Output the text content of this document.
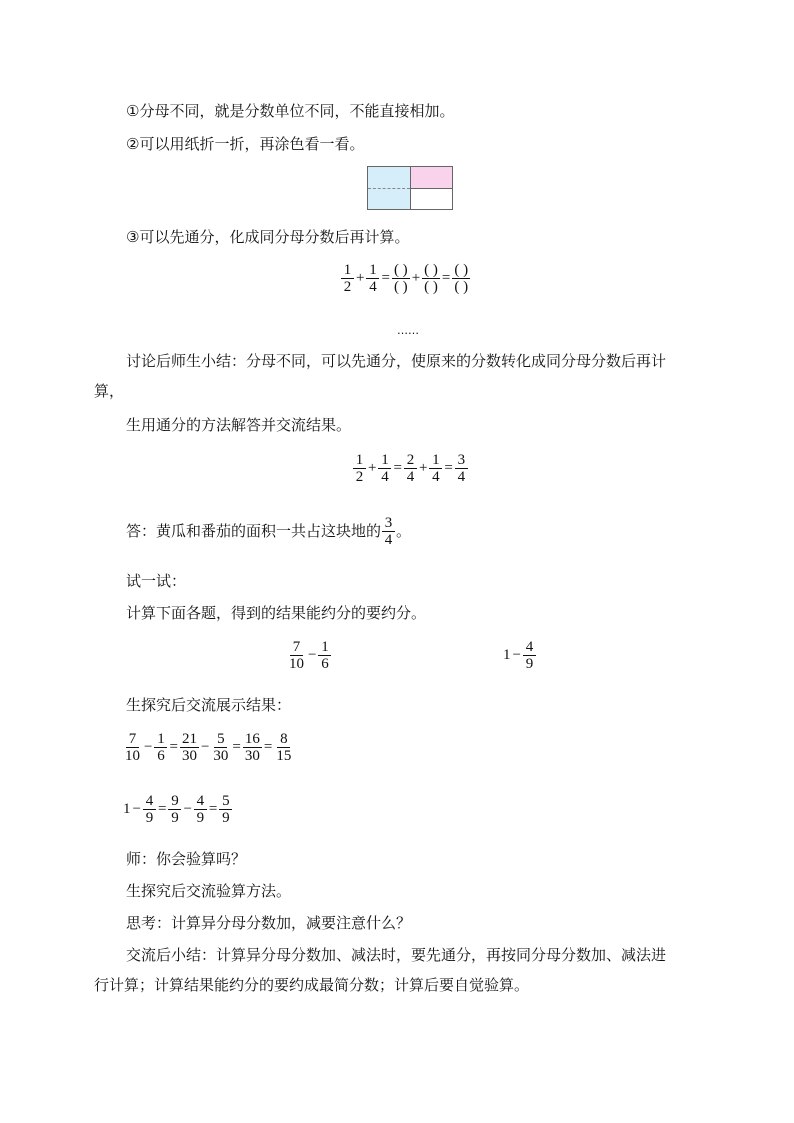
①分母不同，就是分数单位不同，不能直接相加。
②可以用纸折一折，再涂色看一看。
③可以先通分，化成同分母分数后再计算。
$\frac{1}{2} + \frac{1}{4} = \frac{( )}{( )} + \frac{( )}{( )} = \frac{( )}{( )}$
……
讨论后师生小结：分母不同，可以先通分，使原来的分数转化成同分母分数后再计
算，
生用通分的方法解答并交流结果。
$\frac{1}{2} + \frac{1}{4} = \frac{2}{4} + \frac{1}{4} = \frac{3}{4}$
答：黄瓜和番茄的面积一共占这块地的 $\frac{3}{4}$ 。
试一试：
计算下面各题，得到的结果能约分的要约分。
$\frac{7}{10} - \frac{1}{6}$	$1 - \frac{4}{9}$
生探究后交流展示结果：
$\frac{7}{10} - \frac{1}{6} = \frac{21}{30} - \frac{5}{30} = \frac{16}{30} = \frac{8}{15}$
$1 - \frac{4}{9} = \frac{9}{9} - \frac{4}{9} = \frac{5}{9}$
师：你会验算吗？
生探究后交流验算方法。
思考：计算异分母分数加，减要注意什么？
交流后小结：计算异分母分数加、减法时，要先通分，再按同分母分数加、减法进
行计算；计算结果能约分的要约成最简分数；计算后要自觉验算。
